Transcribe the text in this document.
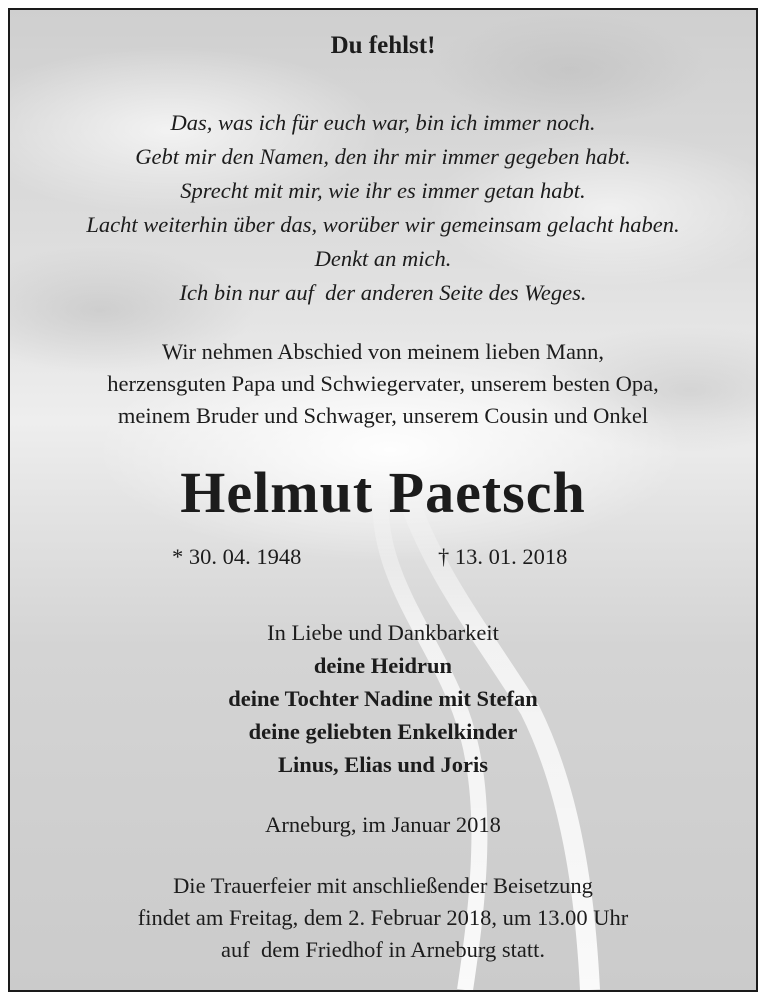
Du fehlst!
Das, was ich für euch war, bin ich immer noch.
Gebt mir den Namen, den ihr mir immer gegeben habt.
Sprecht mit mir, wie ihr es immer getan habt.
Lacht weiterhin über das, worüber wir gemeinsam gelacht haben.
Denkt an mich.
Ich bin nur auf  der anderen Seite des Weges.
Wir nehmen Abschied von meinem lieben Mann,
herzensguten Papa und Schwiegervater, unserem besten Opa,
meinem Bruder und Schwager, unserem Cousin und Onkel
Helmut Paetsch
* 30. 04. 1948	† 13. 01. 2018
In Liebe und Dankbarkeit
deine Heidrun
deine Tochter Nadine mit Stefan
deine geliebten Enkelkinder
Linus, Elias und Joris
Arneburg, im Januar 2018
Die Trauerfeier mit anschließender Beisetzung
findet am Freitag, dem 2. Februar 2018, um 13.00 Uhr
auf  dem Friedhof in Arneburg statt.
